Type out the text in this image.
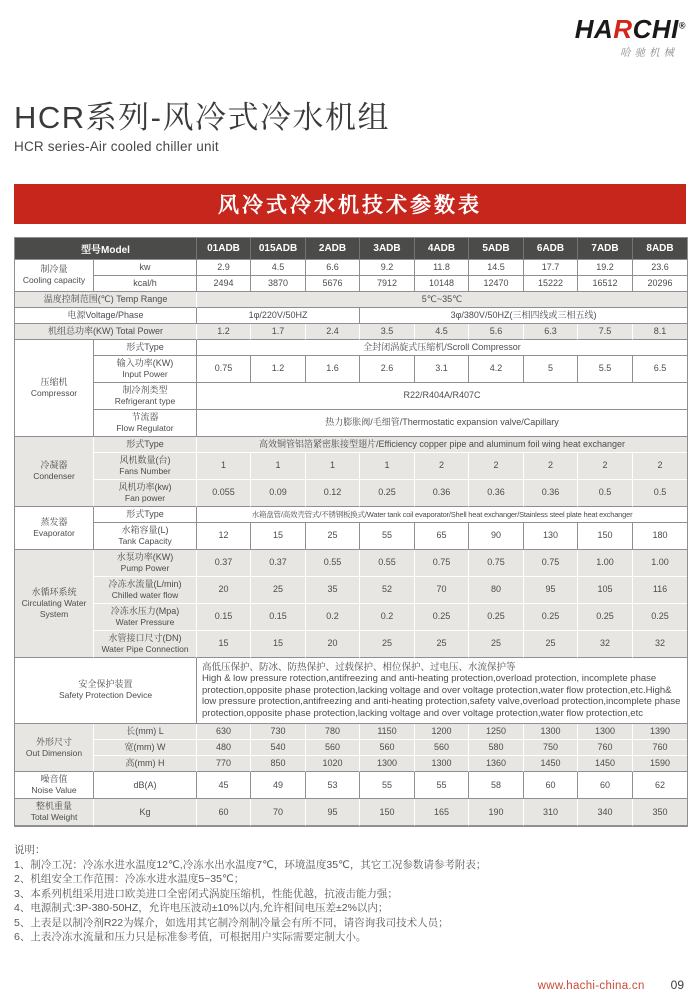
HARCHI®
哈驰机械
HCR系列-风冷式冷水机组
HCR series-Air cooled chiller unit
风冷式冷水机技术参数表
型号Model		01ADB	015ADB	2ADB	3ADB	4ADB	5ADB	6ADB	7ADB	8ADB

制冷量
Cooling capacity	kw	2.9	4.5	6.6	9.2	11.8	14.5	17.7	19.2	23.6

	kcal/h	2494	3870	5676	7912	10148	12470	15222	16512	20296

温度控制范围(℃) Temp Range		5℃~35℃								

电源Voltage/Phase		1φ/220V/50HZ			3φ/380V/50HZ(三相四线或三相五线)					

机组总功率(KW) Total Power		1.2	1.7	2.4	3.5	4.5	5.6	6.3	7.5	8.1

压缩机
Compressor	形式Type	全封闭涡旋式压缩机/Scroll Compressor								

	输入功率(KW)
Input Power	0.75	1.2	1.6	2.6	3.1	4.2	5	5.5	6.5

	制冷剂类型
Refrigerant type	R22/R404A/R407C								

	节流器
Flow Regulator	热力膨胀阀/毛细管/Thermostatic expansion valve/Capillary								

冷凝器
Condenser	形式Type	高效铜管铝箔紧密胀接型翅片/Efficiency copper pipe and aluminum foil wing heat exchanger								

	风机数量(台)
Fans Number	1	1	1	1	2	2	2	2	2

	风机功率(kw)
Fan power	0.055	0.09	0.12	0.25	0.36	0.36	0.36	0.5	0.5

蒸发器
Evaporator	形式Type	水箱盘管/高效壳管式/不锈钢板换式/Water tank coil evaporator/Shell heat exchanger/Stainless steel plate heat exchanger								

	水箱容量(L)
Tank Capacity	12	15	25	55	65	90	130	150	180

水循环系统
Circulating Water System

水泵功率(KW)
Pump Power
	0.37	0.37	0.55	0.55	0.75	0.75	0.75	1.00	1.00

	冷冻水流量(L/min)
Chilled water flow	20	25	35	52	70	80	95	105	116

	冷冻水压力(Mpa)
Water Pressure	0.15	0.15	0.2	0.2	0.25	0.25	0.25	0.25	0.25

	水管接口尺寸(DN)
Water Pipe Connection	15	15	20	25	25	25	25	32	32

安全保护装置
Safety Protection Device

高低压保护、防冰、防热保护、过载保护、相位保护、过电压、水流保护等
High & low pressure rotection,antifreezing and anti-heating protection,overload protection, incomplete phase protection,opposite phase protection,lacking voltage and over voltage protection,water flow protection,etc.High& low pressure protection,antifreezing and anti-heating protection,safety valve,overload protection,incomplete phase protection,opposite phase protection,lacking voltage and over voltage protection,water flow protection,etc

外形尺寸
Out Dimension	长(mm) L	630	730	780	1150	1200	1250	1300	1300	1390

	宽(mm) W	480	540	560	560	560	580	750	760	760

	高(mm) H	770	850	1020	1300	1300	1360	1450	1450	1590

噪音值
Noise Value	dB(A)	45	49	53	55	55	58	60	60	62

整机重量
Total Weight	Kg	60	70	95	150	165	190	310	340	350
说明：
1、制冷工况：冷冻水进水温度12℃,冷冻水出水温度7℃，环境温度35℃，其它工况参数请参考附表；
2、机组安全工作范围：冷冻水进水温度5~35℃；
3、本系列机组采用进口欧美进口全密闭式涡旋压缩机，性能优越，抗液击能力强；
4、电源制式:3P-380-50HZ，允许电压波动±10%以内,允许相间电压差±2%以内；
5、上表是以制冷剂R22为媒介，如选用其它制冷剂制冷量会有所不同，请咨询我司技术人员；
6、上表冷冻水流量和压力只是标准参考值，可根据用户实际需要定制大小。
www.hachi-china.cn 09
